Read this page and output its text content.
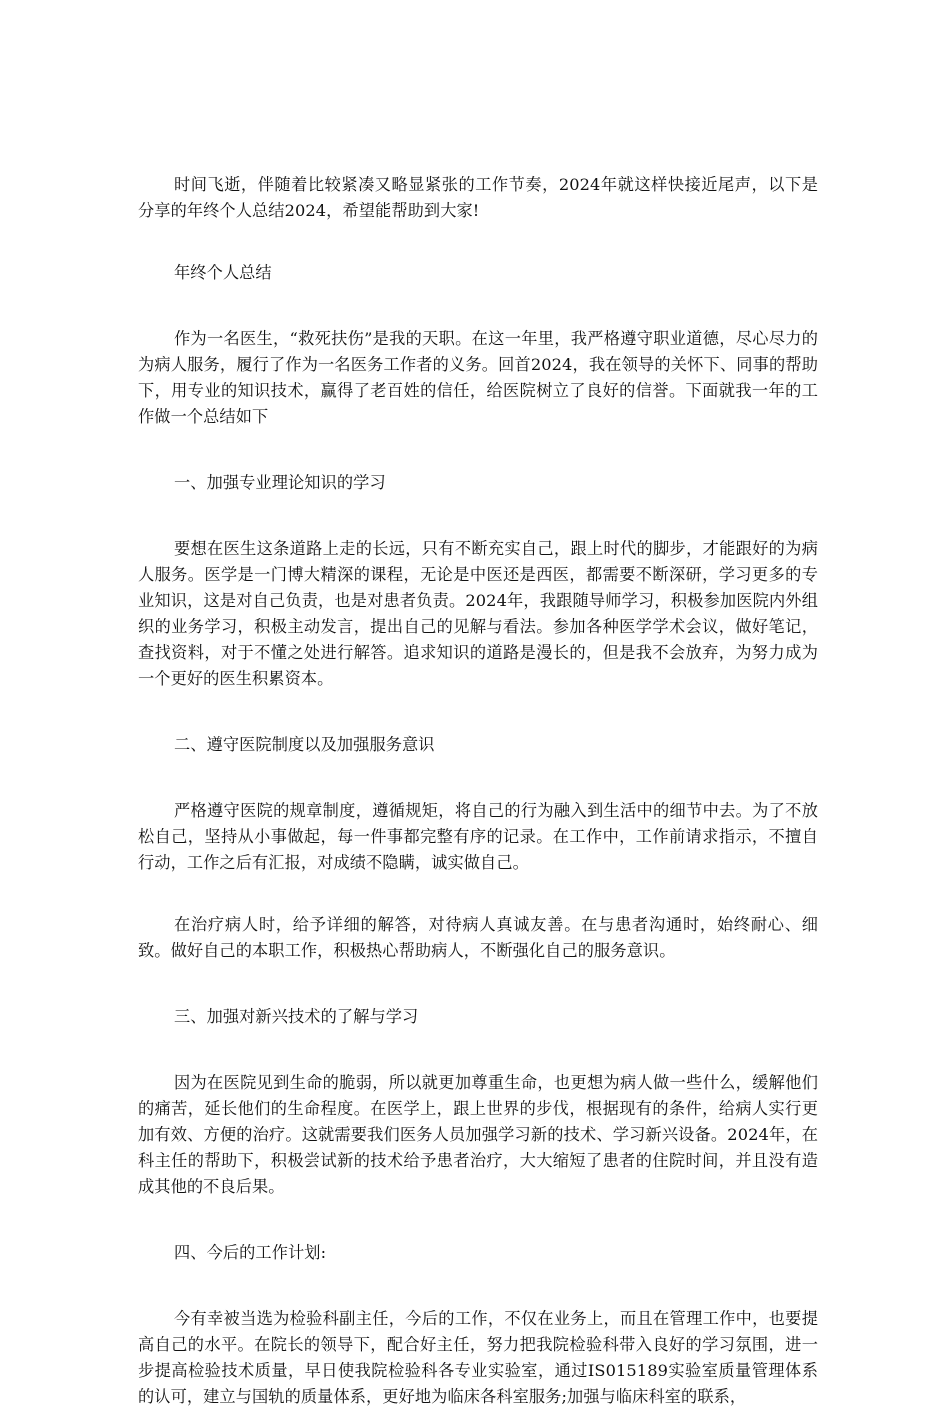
时间飞逝，伴随着比较紧凑又略显紧张的工作节奏，2024年就这样快接近尾声，以下是分享的年终个人总结2024，希望能帮助到大家!

年终个人总结

作为一名医生，“救死扶伤”是我的天职。在这一年里，我严格遵守职业道德，尽心尽力的为病人服务，履行了作为一名医务工作者的义务。回首2024，我在领导的关怀下、同事的帮助下，用专业的知识技术，赢得了老百姓的信任，给医院树立了良好的信誉。下面就我一年的工作做一个总结如下

一、加强专业理论知识的学习

要想在医生这条道路上走的长远，只有不断充实自己，跟上时代的脚步，才能跟好的为病人服务。医学是一门博大精深的课程，无论是中医还是西医，都需要不断深研，学习更多的专业知识，这是对自己负责，也是对患者负责。2024年，我跟随导师学习，积极参加医院内外组织的业务学习，积极主动发言，提出自己的见解与看法。参加各种医学学术会议，做好笔记，查找资料，对于不懂之处进行解答。追求知识的道路是漫长的，但是我不会放弃，为努力成为一个更好的医生积累资本。

二、遵守医院制度以及加强服务意识

严格遵守医院的规章制度，遵循规矩，将自己的行为融入到生活中的细节中去。为了不放松自己，坚持从小事做起，每一件事都完整有序的记录。在工作中，工作前请求指示，不擅自行动，工作之后有汇报，对成绩不隐瞒，诚实做自己。

在治疗病人时，给予详细的解答，对待病人真诚友善。在与患者沟通时，始终耐心、细致。做好自己的本职工作，积极热心帮助病人，不断强化自己的服务意识。

三、加强对新兴技术的了解与学习

因为在医院见到生命的脆弱，所以就更加尊重生命，也更想为病人做一些什么，缓解他们的痛苦，延长他们的生命程度。在医学上，跟上世界的步伐，根据现有的条件，给病人实行更加有效、方便的治疗。这就需要我们医务人员加强学习新的技术、学习新兴设备。2024年，在科主任的帮助下，积极尝试新的技术给予患者治疗，大大缩短了患者的住院时间，并且没有造成其他的不良后果。

四、今后的工作计划:

今有幸被当选为检验科副主任，今后的工作，不仅在业务上，而且在管理工作中，也要提高自己的水平。在院长的领导下，配合好主任，努力把我院检验科带入良好的学习氛围，进一步提高检验技术质量，早日使我院检验科各专业实验室，通过IS015189实验室质量管理体系的认可，建立与国轨的质量体系，更好地为临床各科室服务;加强与临床科室的联系，
